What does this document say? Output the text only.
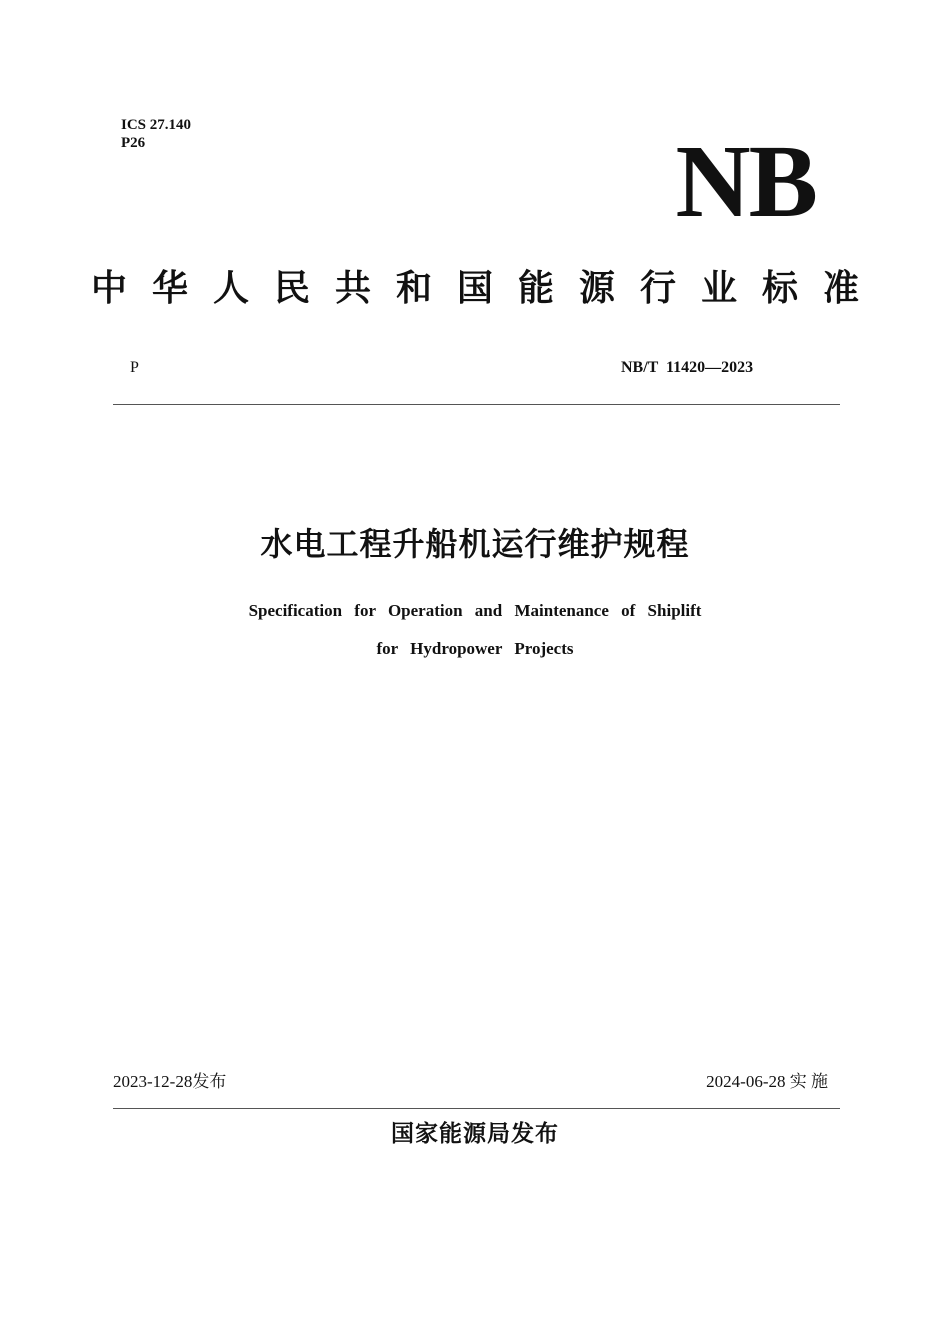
ICS 27.140
P26	NB
中华人民共和国能源行业标准
P	NB/T  11420—2023
水电工程升船机运行维护规程
Specification for Operation and Maintenance of Shiplift
for Hydropower Projects
2023-12-28发布	2024-06-28 实 施
国家能源局发布
